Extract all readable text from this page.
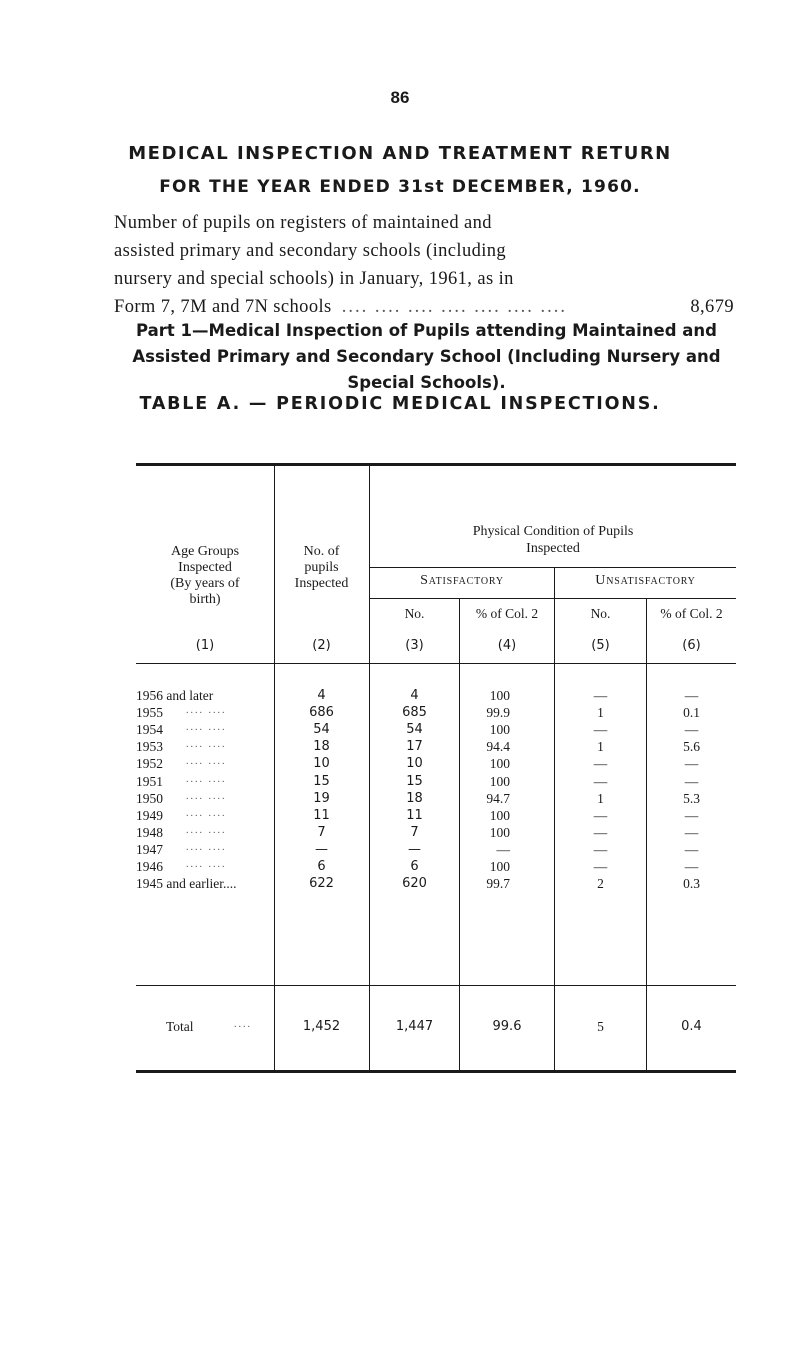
86
MEDICAL INSPECTION AND TREATMENT RETURN
FOR THE YEAR ENDED 31st DECEMBER, 1960.
Number of pupils on registers of maintained and
assisted primary and secondary schools (including
nursery and special schools) in January, 1961, as in
Form 7, 7M and 7N schools .... .... .... .... .... .... ....	8,679
Part 1—Medical Inspection of Pupils attending Maintained and
Assisted Primary and Secondary School (Including Nursery and
Special Schools).
TABLE A. — PERIODIC MEDICAL INSPECTIONS.
Age Groups
Inspected
(By years of
birth)
No. of
pupils
Inspected
Physical Condition of Pupils
Inspected
Satisfactory	Unsatisfactory
No.	% of Col. 2	No.	% of Col. 2
(1)	(2)	(3)	(4)	(5)	(6)
1956 and later	4	4	100	—	—
1955 .... ....	686	685	99.9	1	0.1
1954 .... ....	54	54	100	—	—
1953 .... ....	18	17	94.4	1	5.6
1952 .... ....	10	10	100	—	—
1951 .... ....	15	15	100	—	—
1950 .... ....	19	18	94.7	1	5.3
1949 .... ....	11	11	100	—	—
1948 .... ....	7	7	100	—	—
1947 .... ....	—	—	—	—	—
1946 .... ....	6	6	100	—	—
1945 and earlier....	622	620	99.7	2	0.3
Total	....	1,452	1,447	99.6	5	0.4
